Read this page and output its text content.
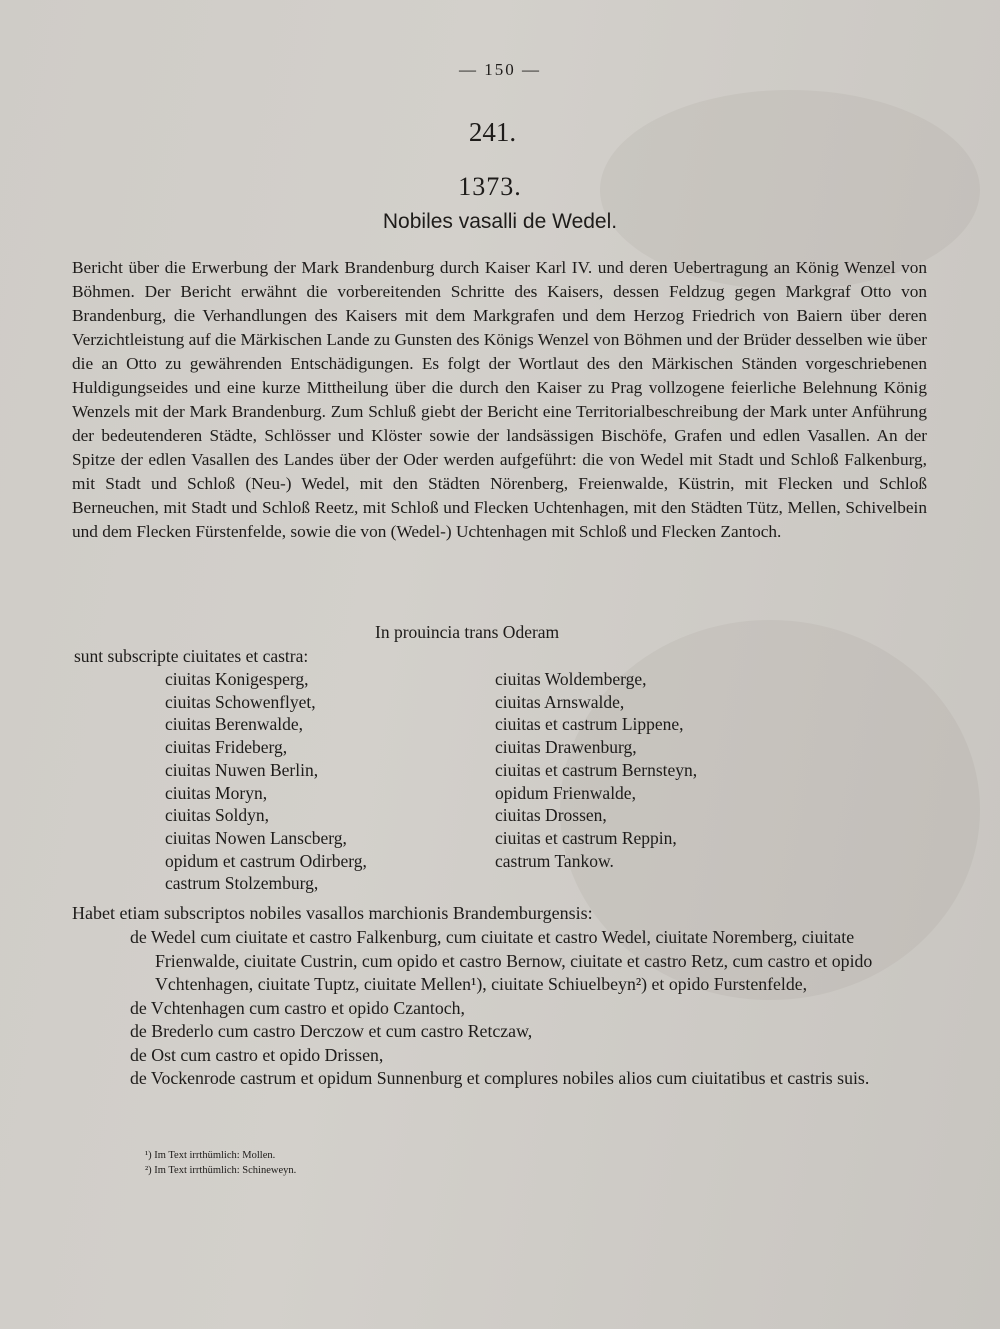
— 150 —
241.
1373.
Nobiles vasalli de Wedel.

Bericht über die Erwerbung der Mark Brandenburg durch Kaiser Karl IV. und deren Uebertragung an König Wenzel von Böhmen. Der Bericht erwähnt die vorbereitenden Schritte des Kaisers, dessen Feldzug gegen Markgraf Otto von Brandenburg, die Verhandlungen des Kaisers mit dem Markgrafen und dem Herzog Friedrich von Baiern über deren Verzichtleistung auf die Märkischen Lande zu Gunsten des Königs Wenzel von Böhmen und der Brüder desselben wie über die an Otto zu gewährenden Entschädigungen. Es folgt der Wortlaut des den Märkischen Ständen vorgeschriebenen Huldigungseides und eine kurze Mittheilung über die durch den Kaiser zu Prag vollzogene feierliche Belehnung König Wenzels mit der Mark Brandenburg. Zum Schluß giebt der Bericht eine Territorialbeschreibung der Mark unter Anführung der bedeutenderen Städte, Schlösser und Klöster sowie der landsässigen Bischöfe, Grafen und edlen Vasallen. An der Spitze der edlen Vasallen des Landes über der Oder werden aufgeführt: die von Wedel mit Stadt und Schloß Falkenburg, mit Stadt und Schloß (Neu-) Wedel, mit den Städten Nörenberg, Freienwalde, Küstrin, mit Flecken und Schloß Berneuchen, mit Stadt und Schloß Reetz, mit Schloß und Flecken Uchtenhagen, mit den Städten Tütz, Mellen, Schivelbein und dem Flecken Fürstenfelde, sowie die von (Wedel-) Uchtenhagen mit Schloß und Flecken Zantoch.

In prouincia trans Oderam
sunt subscripte ciuitates et castra:
ciuitas Konigesperg,
ciuitas Schowenflyet,
ciuitas Berenwalde,
ciuitas Frideberg,
ciuitas Nuwen Berlin,
ciuitas Moryn,
ciuitas Soldyn,
ciuitas Nowen Lanscberg,
opidum et castrum Odirberg,
castrum Stolzemburg,
ciuitas Woldemberge,
ciuitas Arnswalde,
ciuitas et castrum Lippene,
ciuitas Drawenburg,
ciuitas et castrum Bernsteyn,
opidum Frienwalde,
ciuitas Drossen,
ciuitas et castrum Reppin,
castrum Tankow.
Habet etiam subscriptos nobiles vasallos marchionis Brandemburgensis:
de Wedel cum ciuitate et castro Falkenburg, cum ciuitate et castro Wedel, ciuitate Noremberg, ciuitate Frienwalde, ciuitate Custrin, cum opido et castro Bernow, ciuitate et castro Retz, cum castro et opido Vchtenhagen, ciuitate Tuptz, ciuitate Mellen¹), ciuitate Schiuelbeyn²) et opido Furstenfelde,
de Vchtenhagen cum castro et opido Czantoch,
de Brederlo cum castro Derczow et cum castro Retczaw,
de Ost cum castro et opido Drissen,
de Vockenrode castrum et opidum Sunnenburg et complures nobiles alios cum ciuitatibus et castris suis.
¹) Im Text irrthümlich: Mollen.
²) Im Text irrthümlich: Schineweyn.
